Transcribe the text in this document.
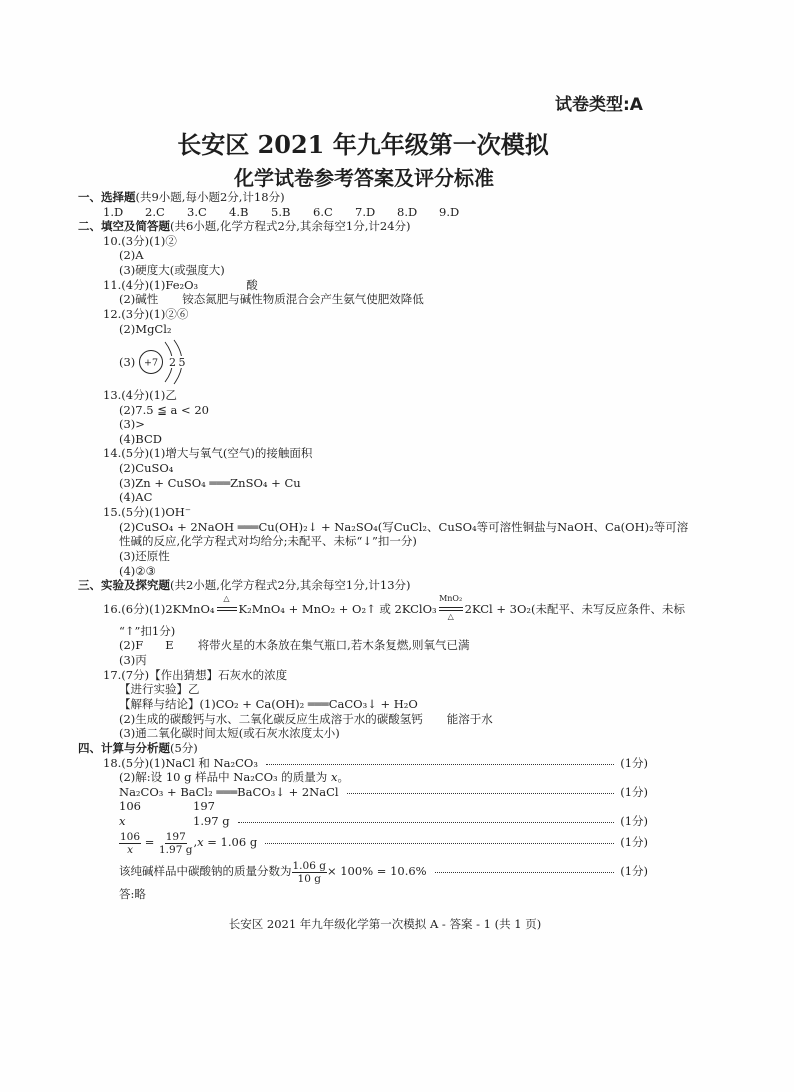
试卷类型:A
长安区 2021 年九年级第一次模拟
化学试卷参考答案及评分标准
一、选择题(共9小题,每小题2分,计18分)
1.D 2.C 3.C 4.B 5.B 6.C 7.D 8.D 9.D
二、填空及简答题(共6小题,化学方程式2分,其余每空1分,计24分)
10.(3分)(1)②
(2)A
(3)硬度大(或强度大)
11.(4分)(1)Fe₂O₃	酸
(2)碱性 铵态氮肥与碱性物质混合会产生氨气使肥效降低
12.(3分)(1)②⑥
(2)MgCl₂
(3) +7 2 5
13.(4分)(1)乙
(2)7.5 ≦ a < 20
(3)>
(4)BCD
14.(5分)(1)增大与氧气(空气)的接触面积
(2)CuSO₄
(3)Zn + CuSO₄ ═══ZnSO₄ + Cu
(4)AC
15.(5分)(1)OH⁻
(2)CuSO₄ + 2NaOH ═══Cu(OH)₂↓ + Na₂SO₄(写CuCl₂、CuSO₄等可溶性铜盐与NaOH、Ca(OH)₂等可溶
性碱的反应,化学方程式对均给分;未配平、未标“↓”扣一分)
(3)还原性
(4)②③
三、实验及探究题(共2小题,化学方程式2分,其余每空1分,计13分)
16.(6分)(1)2KMnO₄
△
K₂MnO₄ + MnO₂ + O₂↑ 或 2KClO₃
MnO₂
△
2KCl + 3O₂(未配平、未写反应条件、未标
“↑”扣1分)
(2)F E 将带火星的木条放在集气瓶口,若木条复燃,则氧气已满
(3)丙
17.(7分)【作出猜想】石灰水的浓度
【进行实验】乙
【解释与结论】(1)CO₂ + Ca(OH)₂ ═══CaCO₃↓ + H₂O
(2)生成的碳酸钙与水、二氧化碳反应生成溶于水的碳酸氢钙 能溶于水
(3)通二氧化碳时间太短(或石灰水浓度太小)
四、计算与分析题(5分)
18.(5分)(1)NaCl 和 Na₂CO₃	(1分)
(2)解:设 10 g 样品中 Na₂CO₃ 的质量为 x。
Na₂CO₃ + BaCl₂ ═══BaCO₃↓ + 2NaCl	(1分)
106	197
x	1.97 g	(1分)
$\frac{106}{x} = \frac{197}{1.97 g} ,x = 1.06$ g	(1分)
该纯碱样品中碳酸钠的质量分数为 $\frac{1.06 g}{10 g} \times 100\% = 10.6\%$	(1分)
答:略
长安区 2021 年九年级化学第一次模拟 A - 答案 - 1 (共 1 页)
